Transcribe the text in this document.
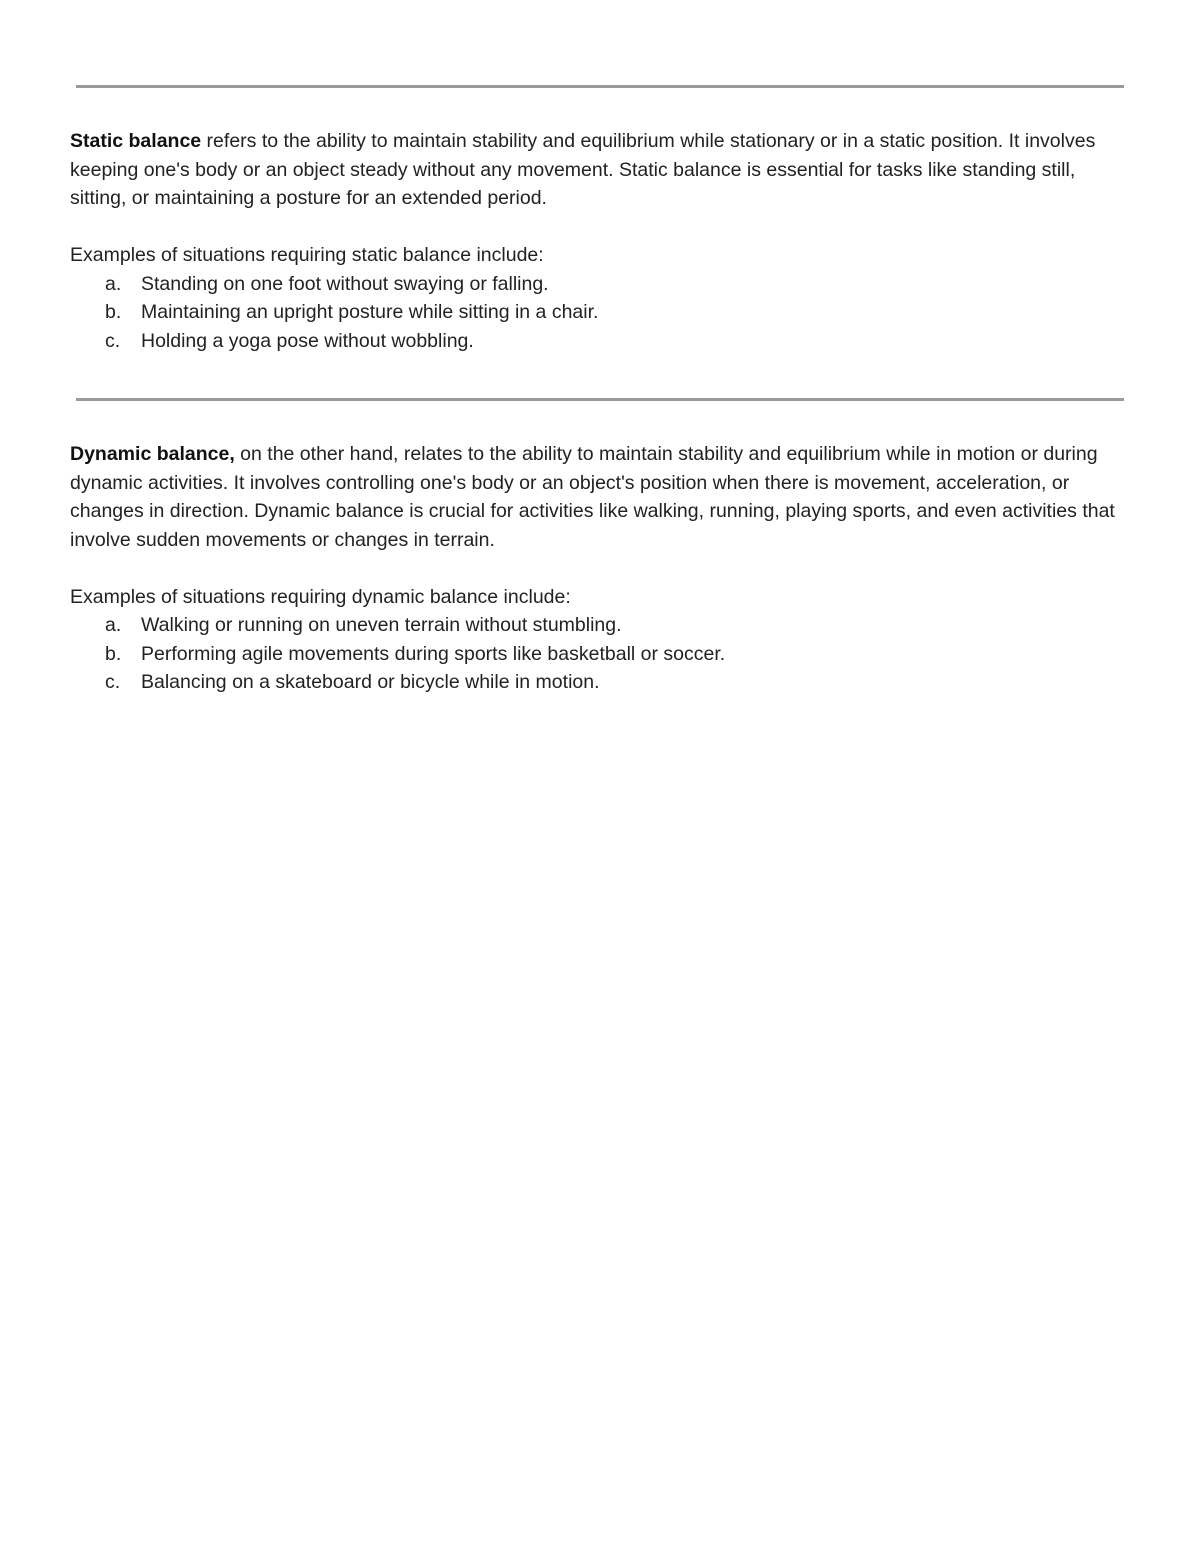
Static balance refers to the ability to maintain stability and equilibrium while stationary or in a static position. It involves keeping one's body or an object steady without any movement. Static balance is essential for tasks like standing still, sitting, or maintaining a posture for an extended period.

Examples of situations requiring static balance include:

a. Standing on one foot without swaying or falling.
b. Maintaining an upright posture while sitting in a chair.
c. Holding a yoga pose without wobbling.

Dynamic balance, on the other hand, relates to the ability to maintain stability and equilibrium while in motion or during dynamic activities. It involves controlling one's body or an object's position when there is movement, acceleration, or changes in direction. Dynamic balance is crucial for activities like walking, running, playing sports, and even activities that involve sudden movements or changes in terrain.

Examples of situations requiring dynamic balance include:

a. Walking or running on uneven terrain without stumbling.
b. Performing agile movements during sports like basketball or soccer.
c. Balancing on a skateboard or bicycle while in motion.
